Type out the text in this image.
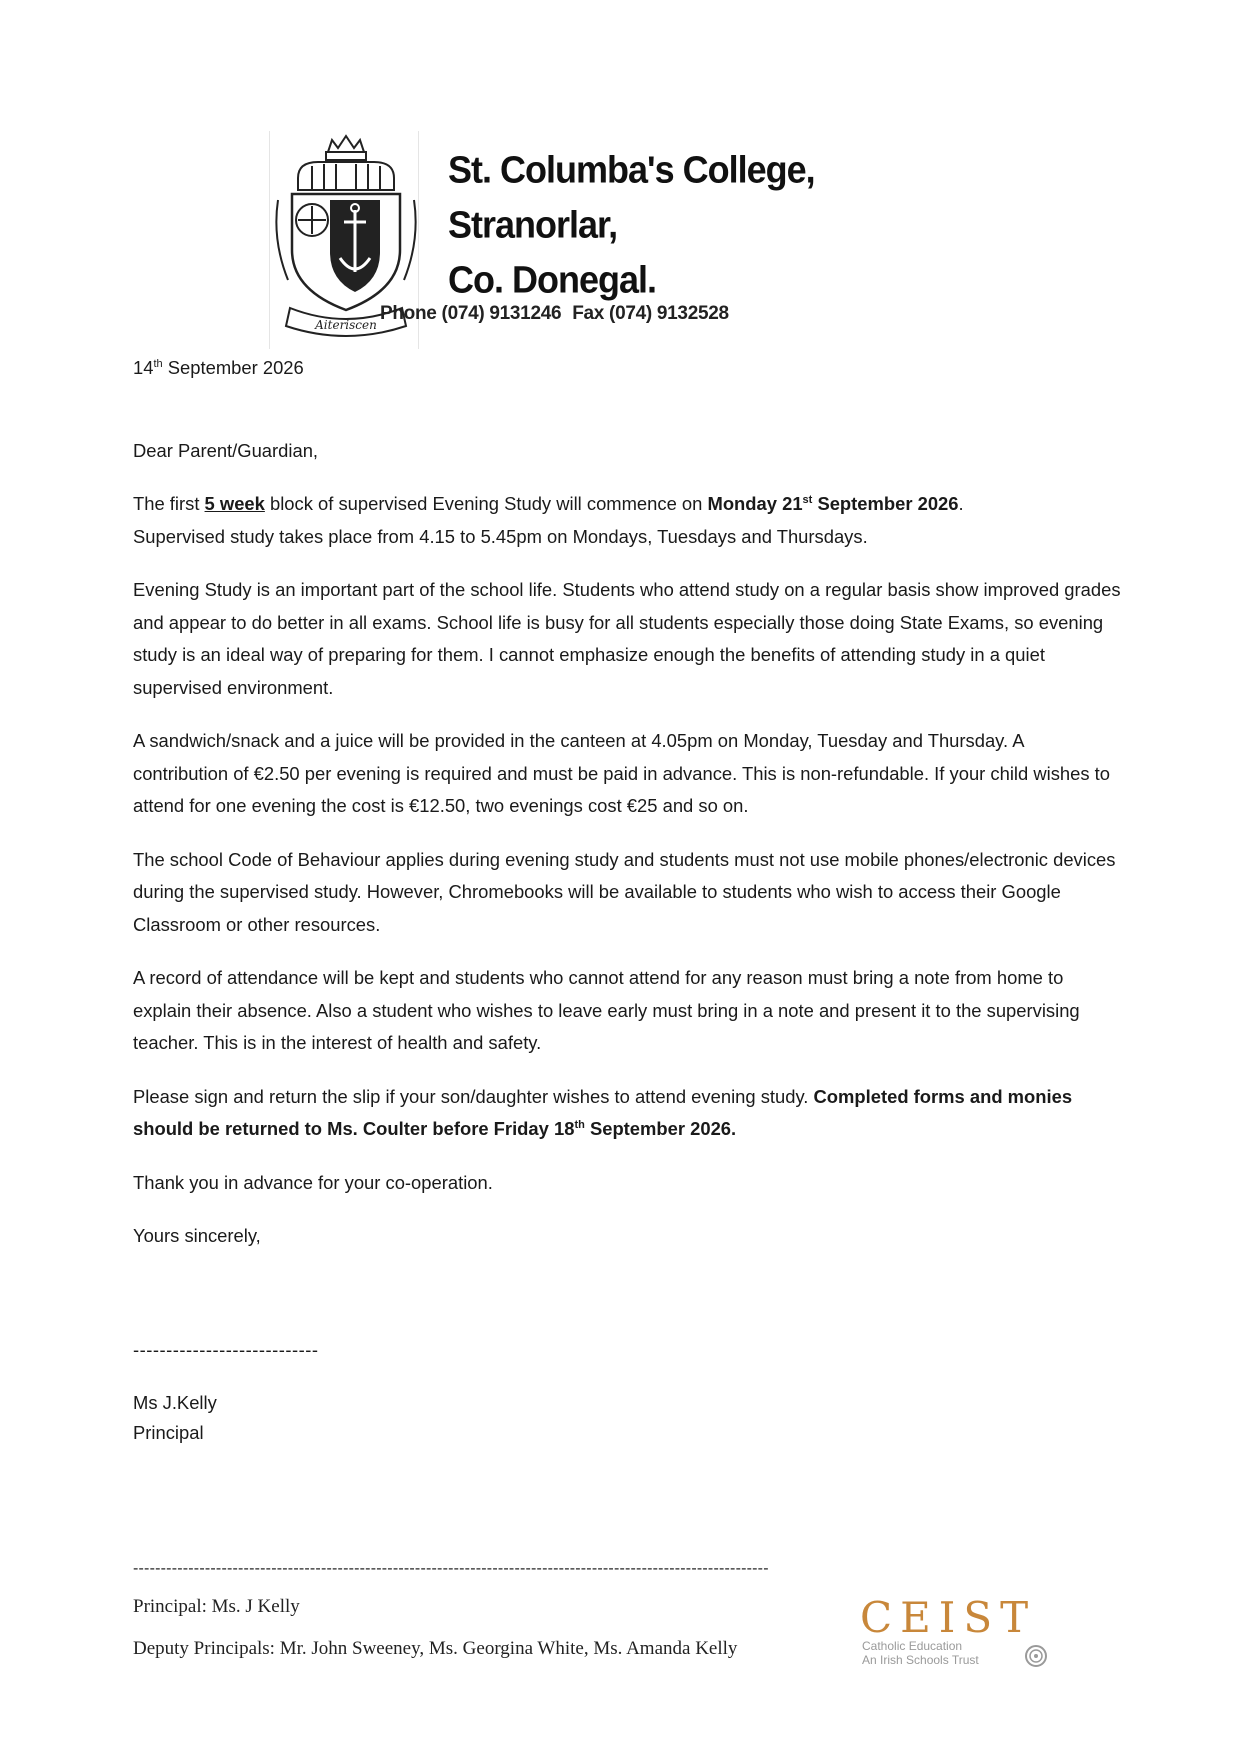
Aiteriscen
St. Columba's College,
Stranorlar,
Co. Donegal.
Phone (074) 9131246 Fax (074) 9132528

14th September 2026

Dear Parent/Guardian,

The first 5 week block of supervised Evening Study will commence on Monday 21st September 2026.
Supervised study takes place from 4.15 to 5.45pm on Mondays, Tuesdays and Thursdays.

Evening Study is an important part of the school life. Students who attend study on a regular basis show improved grades and appear to do better in all exams. School life is busy for all students especially those doing State Exams, so evening study is an ideal way of preparing for them. I cannot emphasize enough the benefits of attending study in a quiet supervised environment.

A sandwich/snack and a juice will be provided in the canteen at 4.05pm on Monday, Tuesday and Thursday. A contribution of €2.50 per evening is required and must be paid in advance. This is non-refundable. If your child wishes to attend for one evening the cost is €12.50, two evenings cost €25 and so on.

The school Code of Behaviour applies during evening study and students must not use mobile phones/electronic devices during the supervised study. However, Chromebooks will be available to students who wish to access their Google Classroom or other resources.

A record of attendance will be kept and students who cannot attend for any reason must bring a note from home to explain their absence. Also a student who wishes to leave early must bring in a note and present it to the supervising teacher. This is in the interest of health and safety.

Please sign and return the slip if your son/daughter wishes to attend evening study. Completed forms and monies should be returned to Ms. Coulter before Friday 18th September 2026.

Thank you in advance for your co-operation.

Yours sincerely,

----------------------------

Ms J.Kelly
Principal
-------------------------------------------------------------------------------------------------------------------
Principal: Ms. J Kelly
Deputy Principals: Mr. John Sweeney, Ms. Georgina White, Ms. Amanda Kelly
CEIST
Catholic Education
An Irish Schools Trust
